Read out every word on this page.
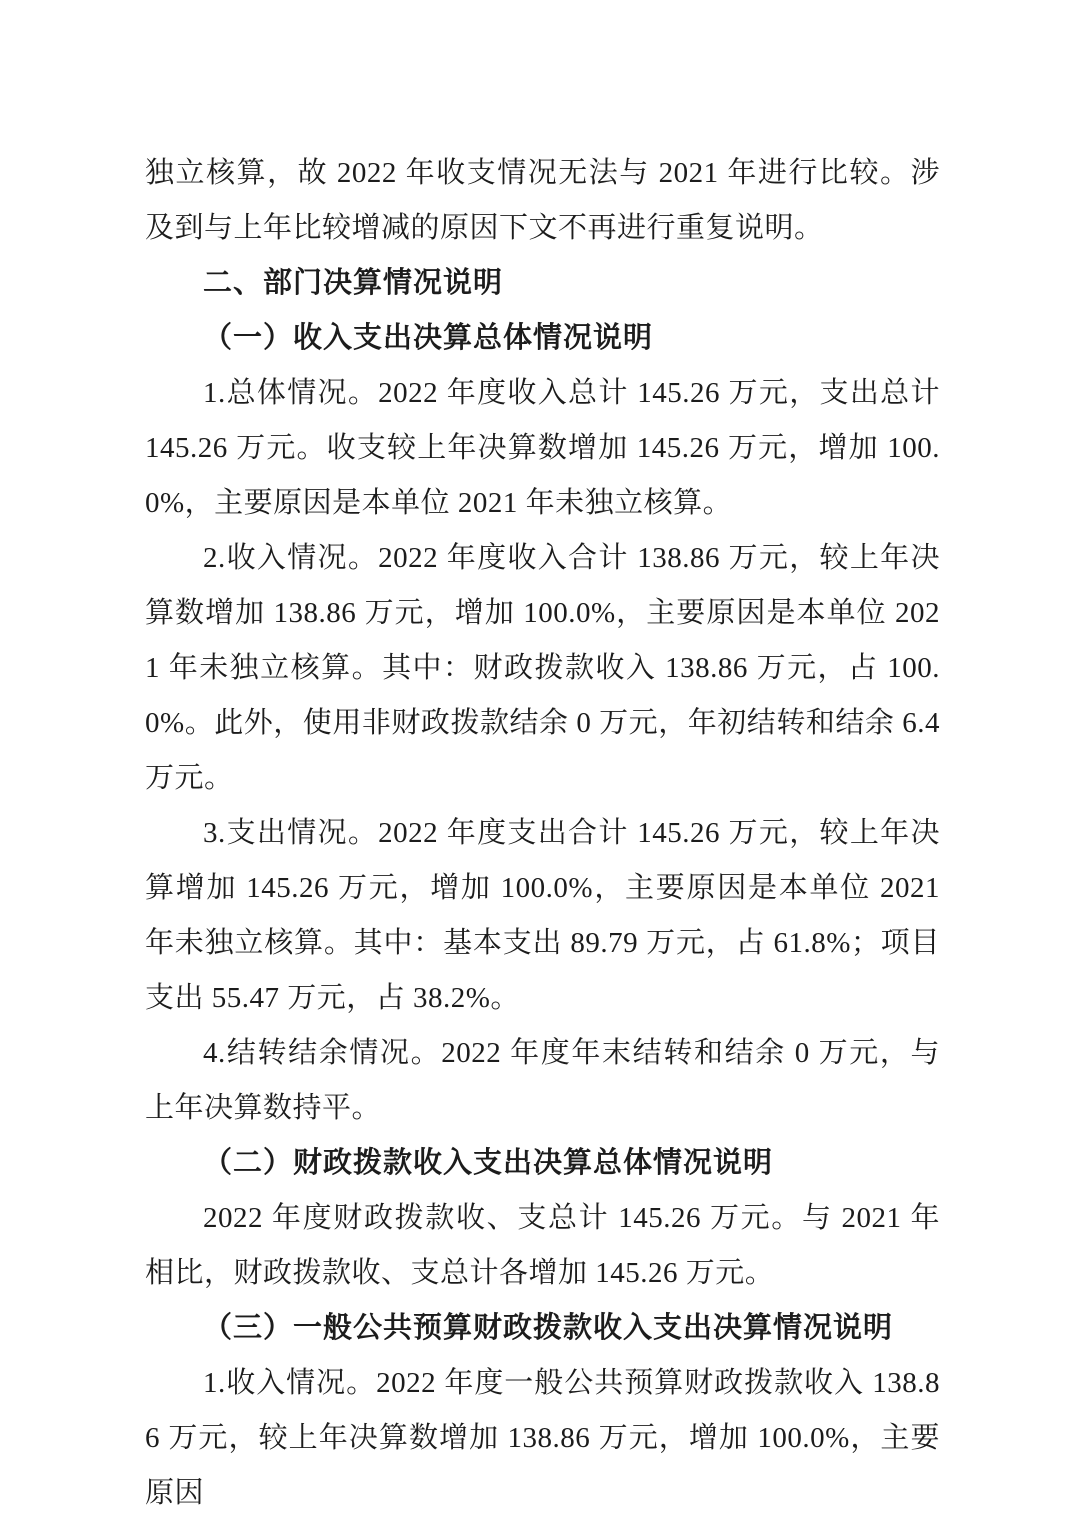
独立核算，故 2022 年收支情况无法与 2021 年进行比较。涉及到与上年比较增减的原因下文不再进行重复说明。

二、部门决算情况说明

（一）收入支出决算总体情况说明

1.总体情况。2022 年度收入总计 145.26 万元，支出总计 145.26 万元。收支较上年决算数增加 145.26 万元，增加 100.0%，主要原因是本单位 2021 年未独立核算。

2.收入情况。2022 年度收入合计 138.86 万元，较上年决算数增加 138.86 万元，增加 100.0%，主要原因是本单位 2021 年未独立核算。其中：财政拨款收入 138.86 万元，占 100.0%。此外，使用非财政拨款结余 0 万元，年初结转和结余 6.4 万元。

3.支出情况。2022 年度支出合计 145.26 万元，较上年决算增加 145.26 万元，增加 100.0%，主要原因是本单位 2021 年未独立核算。其中：基本支出 89.79 万元，占 61.8%；项目支出 55.47 万元，占 38.2%。

4.结转结余情况。2022 年度年末结转和结余 0 万元，与上年决算数持平。

（二）财政拨款收入支出决算总体情况说明

2022 年度财政拨款收、支总计 145.26 万元。与 2021 年相比，财政拨款收、支总计各增加 145.26 万元。

（三）一般公共预算财政拨款收入支出决算情况说明

1.收入情况。2022 年度一般公共预算财政拨款收入 138.86 万元，较上年决算数增加 138.86 万元，增加 100.0%，主要原因
